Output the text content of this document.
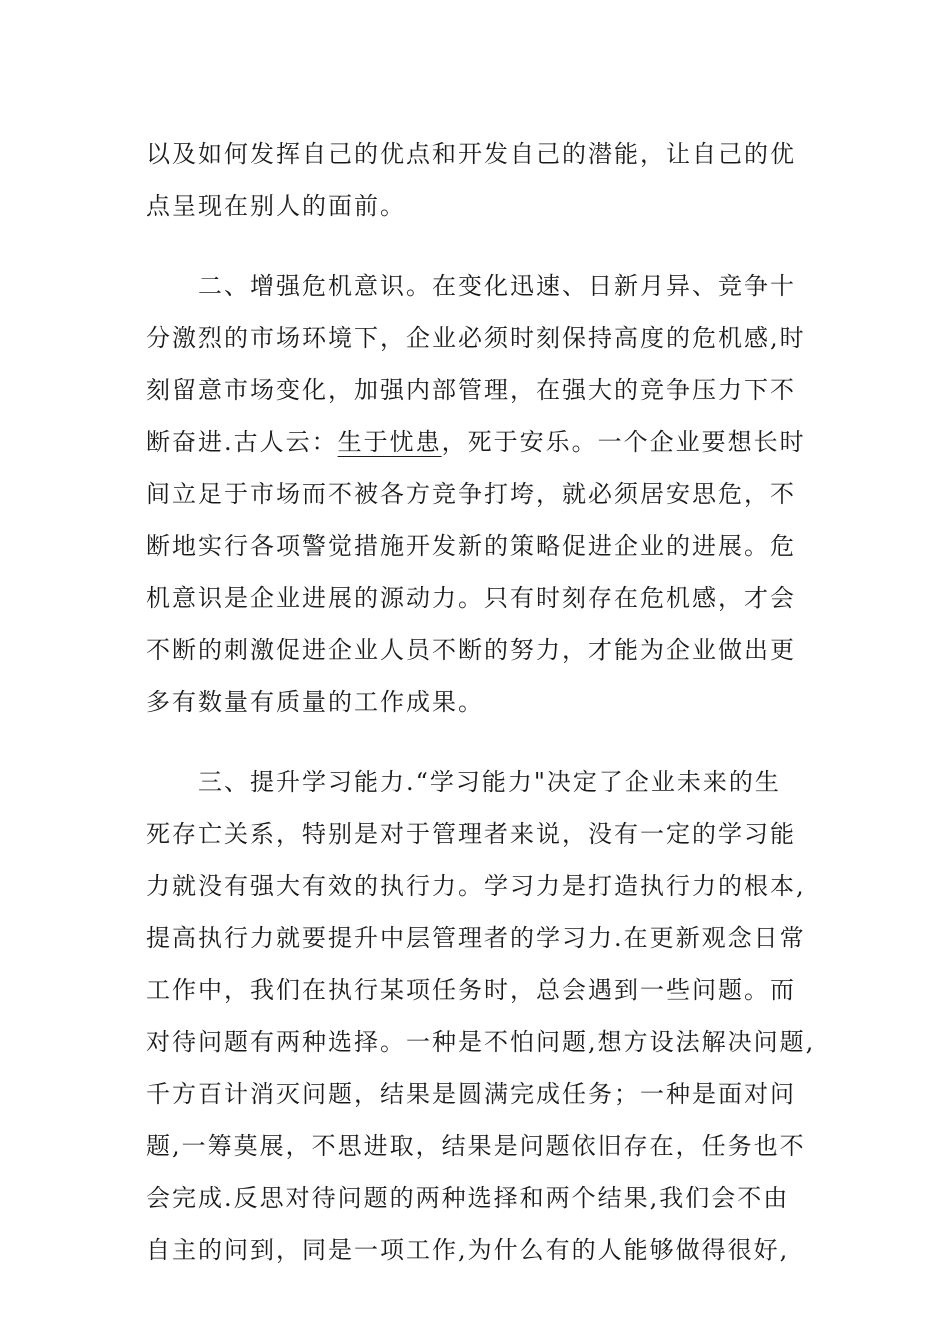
以及如何发挥自己的优点和开发自己的潜能，让自己的优
点呈现在别人的面前。
　　二、增强危机意识。在变化迅速、日新月异、竞争十
分激烈的市场环境下，企业必须时刻保持高度的危机感,时
刻留意市场变化，加强内部管理，在强大的竞争压力下不
断奋进.古人云：生于忧患，死于安乐。一个企业要想长时
间立足于市场而不被各方竞争打垮，就必须居安思危，不
断地实行各项警觉措施开发新的策略促进企业的进展。危
机意识是企业进展的源动力。只有时刻存在危机感，才会
不断的刺激促进企业人员不断的努力，才能为企业做出更
多有数量有质量的工作成果。
　　三、提升学习能力.“学习能力"决定了企业未来的生
死存亡关系，特别是对于管理者来说，没有一定的学习能
力就没有强大有效的执行力。学习力是打造执行力的根本,
提高执行力就要提升中层管理者的学习力.在更新观念日常
工作中，我们在执行某项任务时，总会遇到一些问题。而
对待问题有两种选择。一种是不怕问题,想方设法解决问题,
千方百计消灭问题，结果是圆满完成任务；一种是面对问
题,一筹莫展，不思进取，结果是问题依旧存在，任务也不
会完成.反思对待问题的两种选择和两个结果,我们会不由
自主的问到，同是一项工作,为什么有的人能够做得很好,
